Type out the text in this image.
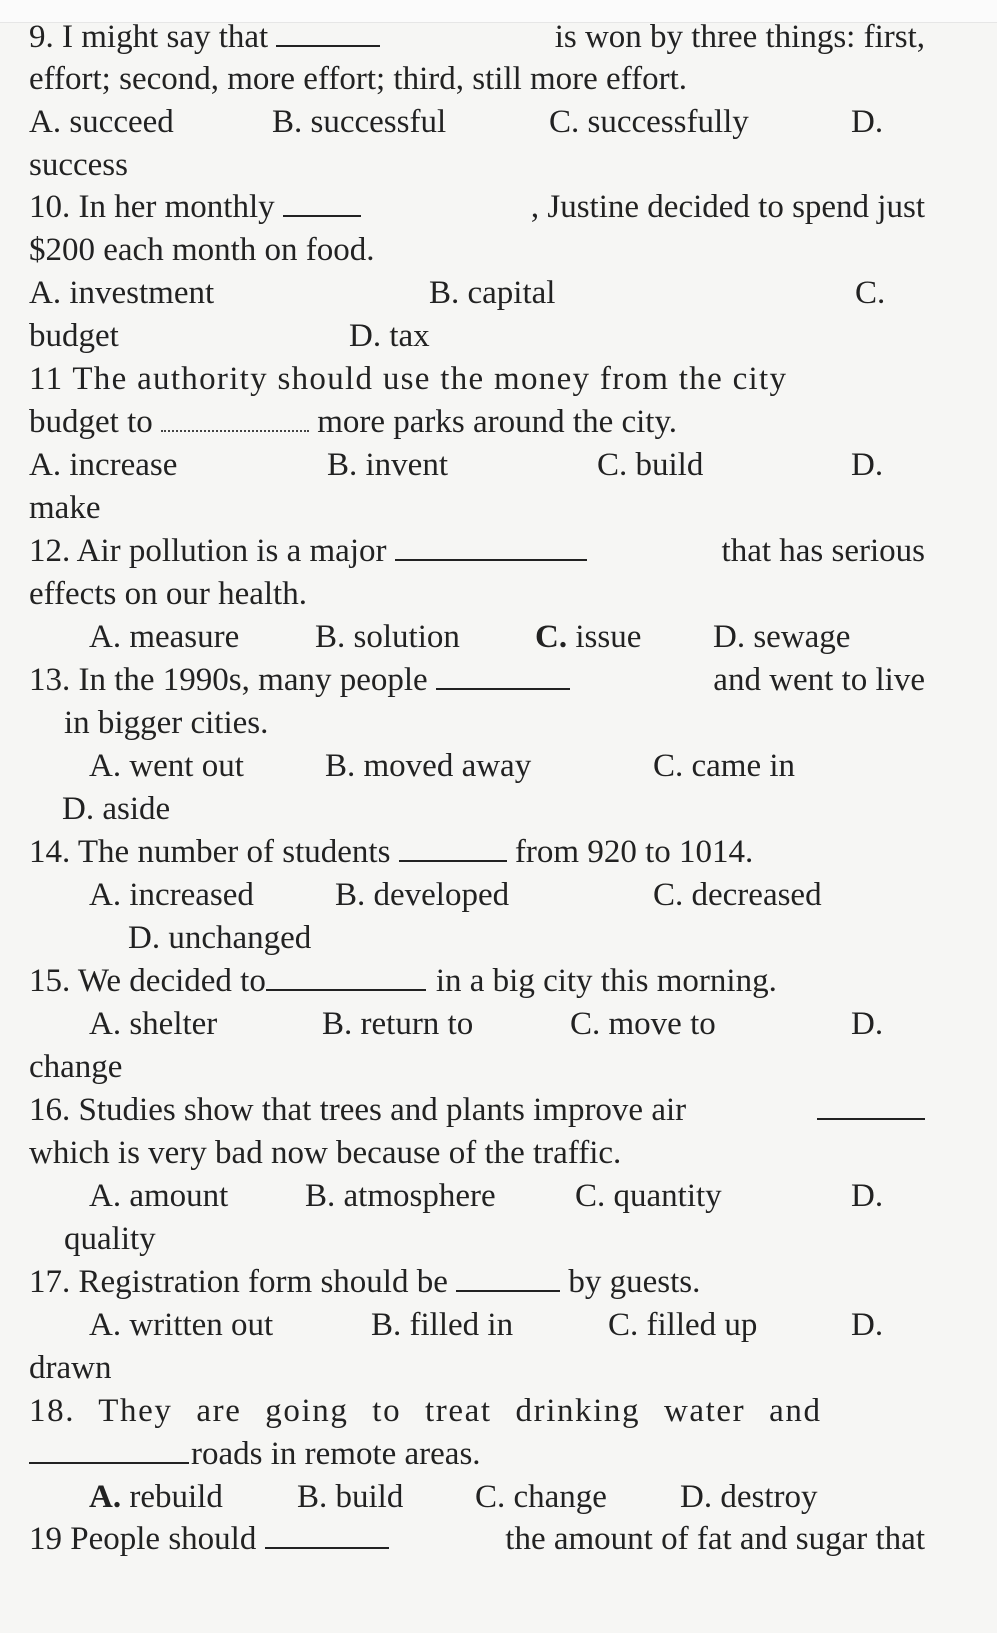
9. I might say that	is won by three things: first,
effort; second, more effort; third, still more effort.
A. succeed	B. successful	C. successfully	D.
success
10. In her monthly	, Justine decided to spend just
$200 each month on food.
A. investment	B. capital	C.
budget	D. tax
11 The authority should use the money from the city
budget to	more parks around the city.
A. increase	B. invent	C. build	D.
make
12. Air pollution is a major	that has serious
effects on our health.
A. measure B. solution C. issue D. sewage
13. In the 1990s, many people	and went to live
in bigger cities.
A. went out B. moved away	C. came in
D. aside
14. The number of students	from 920 to 1014.
A. increased B. developed	C. decreased
D. unchanged
15. We decided to	in a big city this morning.
A. shelter	B. return to	C. move to	D.
change
16. Studies show that trees and plants improve air
which is very bad now because of the traffic.
A. amount B. atmosphere C. quantity	D.
quality
17. Registration form should be	by guests.
A. written out	B. filled in	C. filled up	D.
drawn
18. They are going to treat drinking water and
roads in remote areas.
A. rebuild B. build C. change D. destroy
19 People should	the amount of fat and sugar that
